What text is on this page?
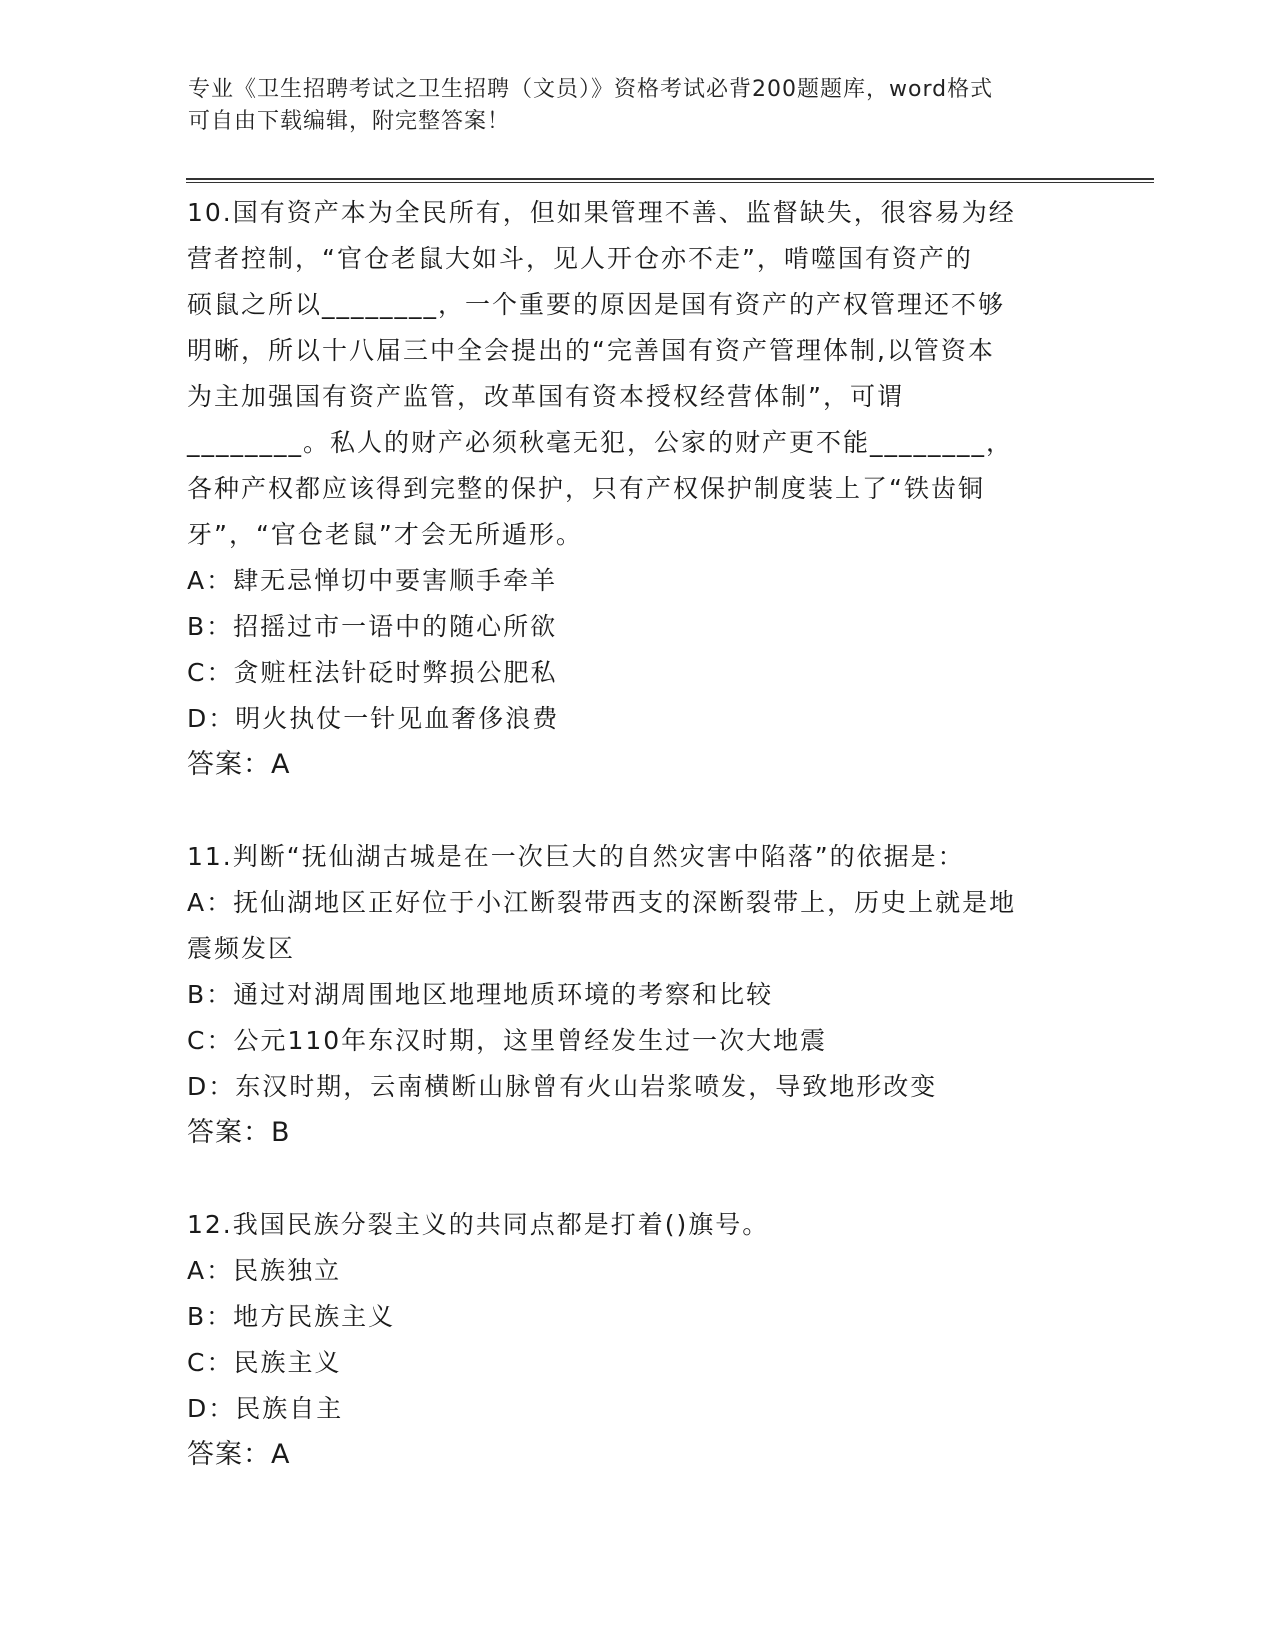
专业《卫生招聘考试之卫生招聘（文员）》资格考试必背200题题库，word格式
可自由下载编辑，附完整答案！
10.国有资产本为全民所有，但如果管理不善、监督缺失，很容易为经
营者控制，“官仓老鼠大如斗，见人开仓亦不走”，啃噬国有资产的
硕鼠之所以________，一个重要的原因是国有资产的产权管理还不够
明晰，所以十八届三中全会提出的“完善国有资产管理体制,以管资本
为主加强国有资产监管，改革国有资本授权经营体制”，可谓
________。私人的财产必须秋毫无犯，公家的财产更不能________，
各种产权都应该得到完整的保护，只有产权保护制度装上了“铁齿铜
牙”，“官仓老鼠”才会无所遁形。
A：肆无忌惮切中要害顺手牵羊
B：招摇过市一语中的随心所欲
C：贪赃枉法针砭时弊损公肥私
D：明火执仗一针见血奢侈浪费
答案：A
11.判断“抚仙湖古城是在一次巨大的自然灾害中陷落”的依据是：
A：抚仙湖地区正好位于小江断裂带西支的深断裂带上，历史上就是地
震频发区
B：通过对湖周围地区地理地质环境的考察和比较
C：公元110年东汉时期，这里曾经发生过一次大地震
D：东汉时期，云南横断山脉曾有火山岩浆喷发，导致地形改变
答案：B
12.我国民族分裂主义的共同点都是打着()旗号。
A：民族独立
B：地方民族主义
C：民族主义
D：民族自主
答案：A
